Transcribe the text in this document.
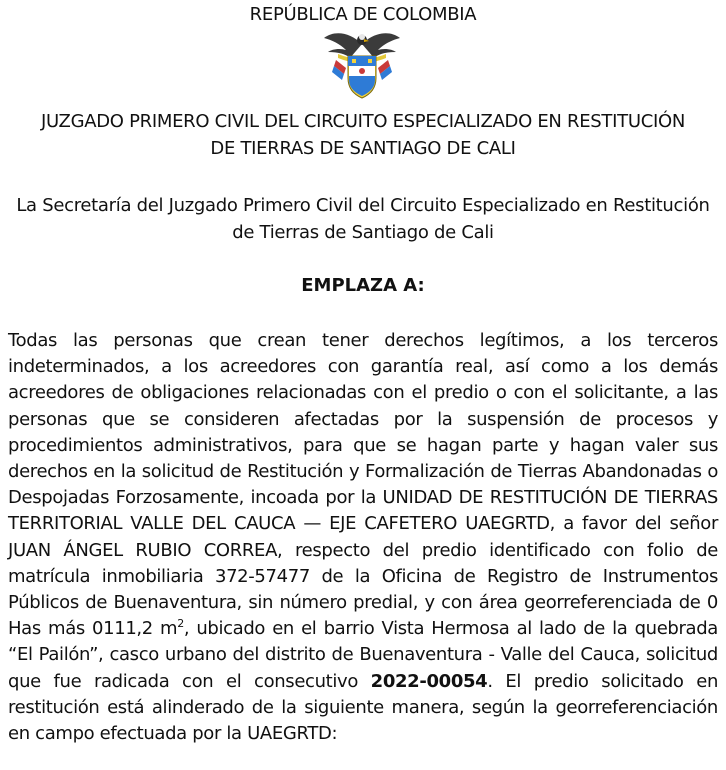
REPÚBLICA DE COLOMBIA
JUZGADO PRIMERO CIVIL DEL CIRCUITO ESPECIALIZADO EN RESTITUCIÓN
DE TIERRAS DE SANTIAGO DE CALI
La Secretaría del Juzgado Primero Civil del Circuito Especializado en Restitución
de Tierras de Santiago de Cali
EMPLAZA A:

Todas las personas que crean tener derechos legítimos, a los terceros indeterminados, a los acreedores con garantía real, así como a los demás acreedores de obligaciones relacionadas con el predio o con el solicitante, a las personas que se consideren afectadas por la suspensión de procesos y procedimientos administrativos, para que se hagan parte y hagan valer sus derechos en la solicitud de Restitución y Formalización de Tierras Abandonadas o Despojadas Forzosamente, incoada por la UNIDAD DE RESTITUCIÓN DE TIERRAS TERRITORIAL VALLE DEL CAUCA — EJE CAFETERO UAEGRTD, a favor del señor JUAN ÁNGEL RUBIO CORREA, respecto del predio identificado con folio de matrícula inmobiliaria 372-57477 de la Oficina de Registro de Instrumentos Públicos de Buenaventura, sin número predial, y con área georreferenciada de 0 Has más 0111,2 $m^2$, ubicado en el barrio Vista Hermosa al lado de la quebrada “El Pailón”, casco urbano del distrito de Buenaventura - Valle del Cauca, solicitud que fue radicada con el consecutivo 2022-00054. El predio solicitado en restitución está alinderado de la siguiente manera, según la georreferenciación en campo efectuada por la UAEGRTD:
